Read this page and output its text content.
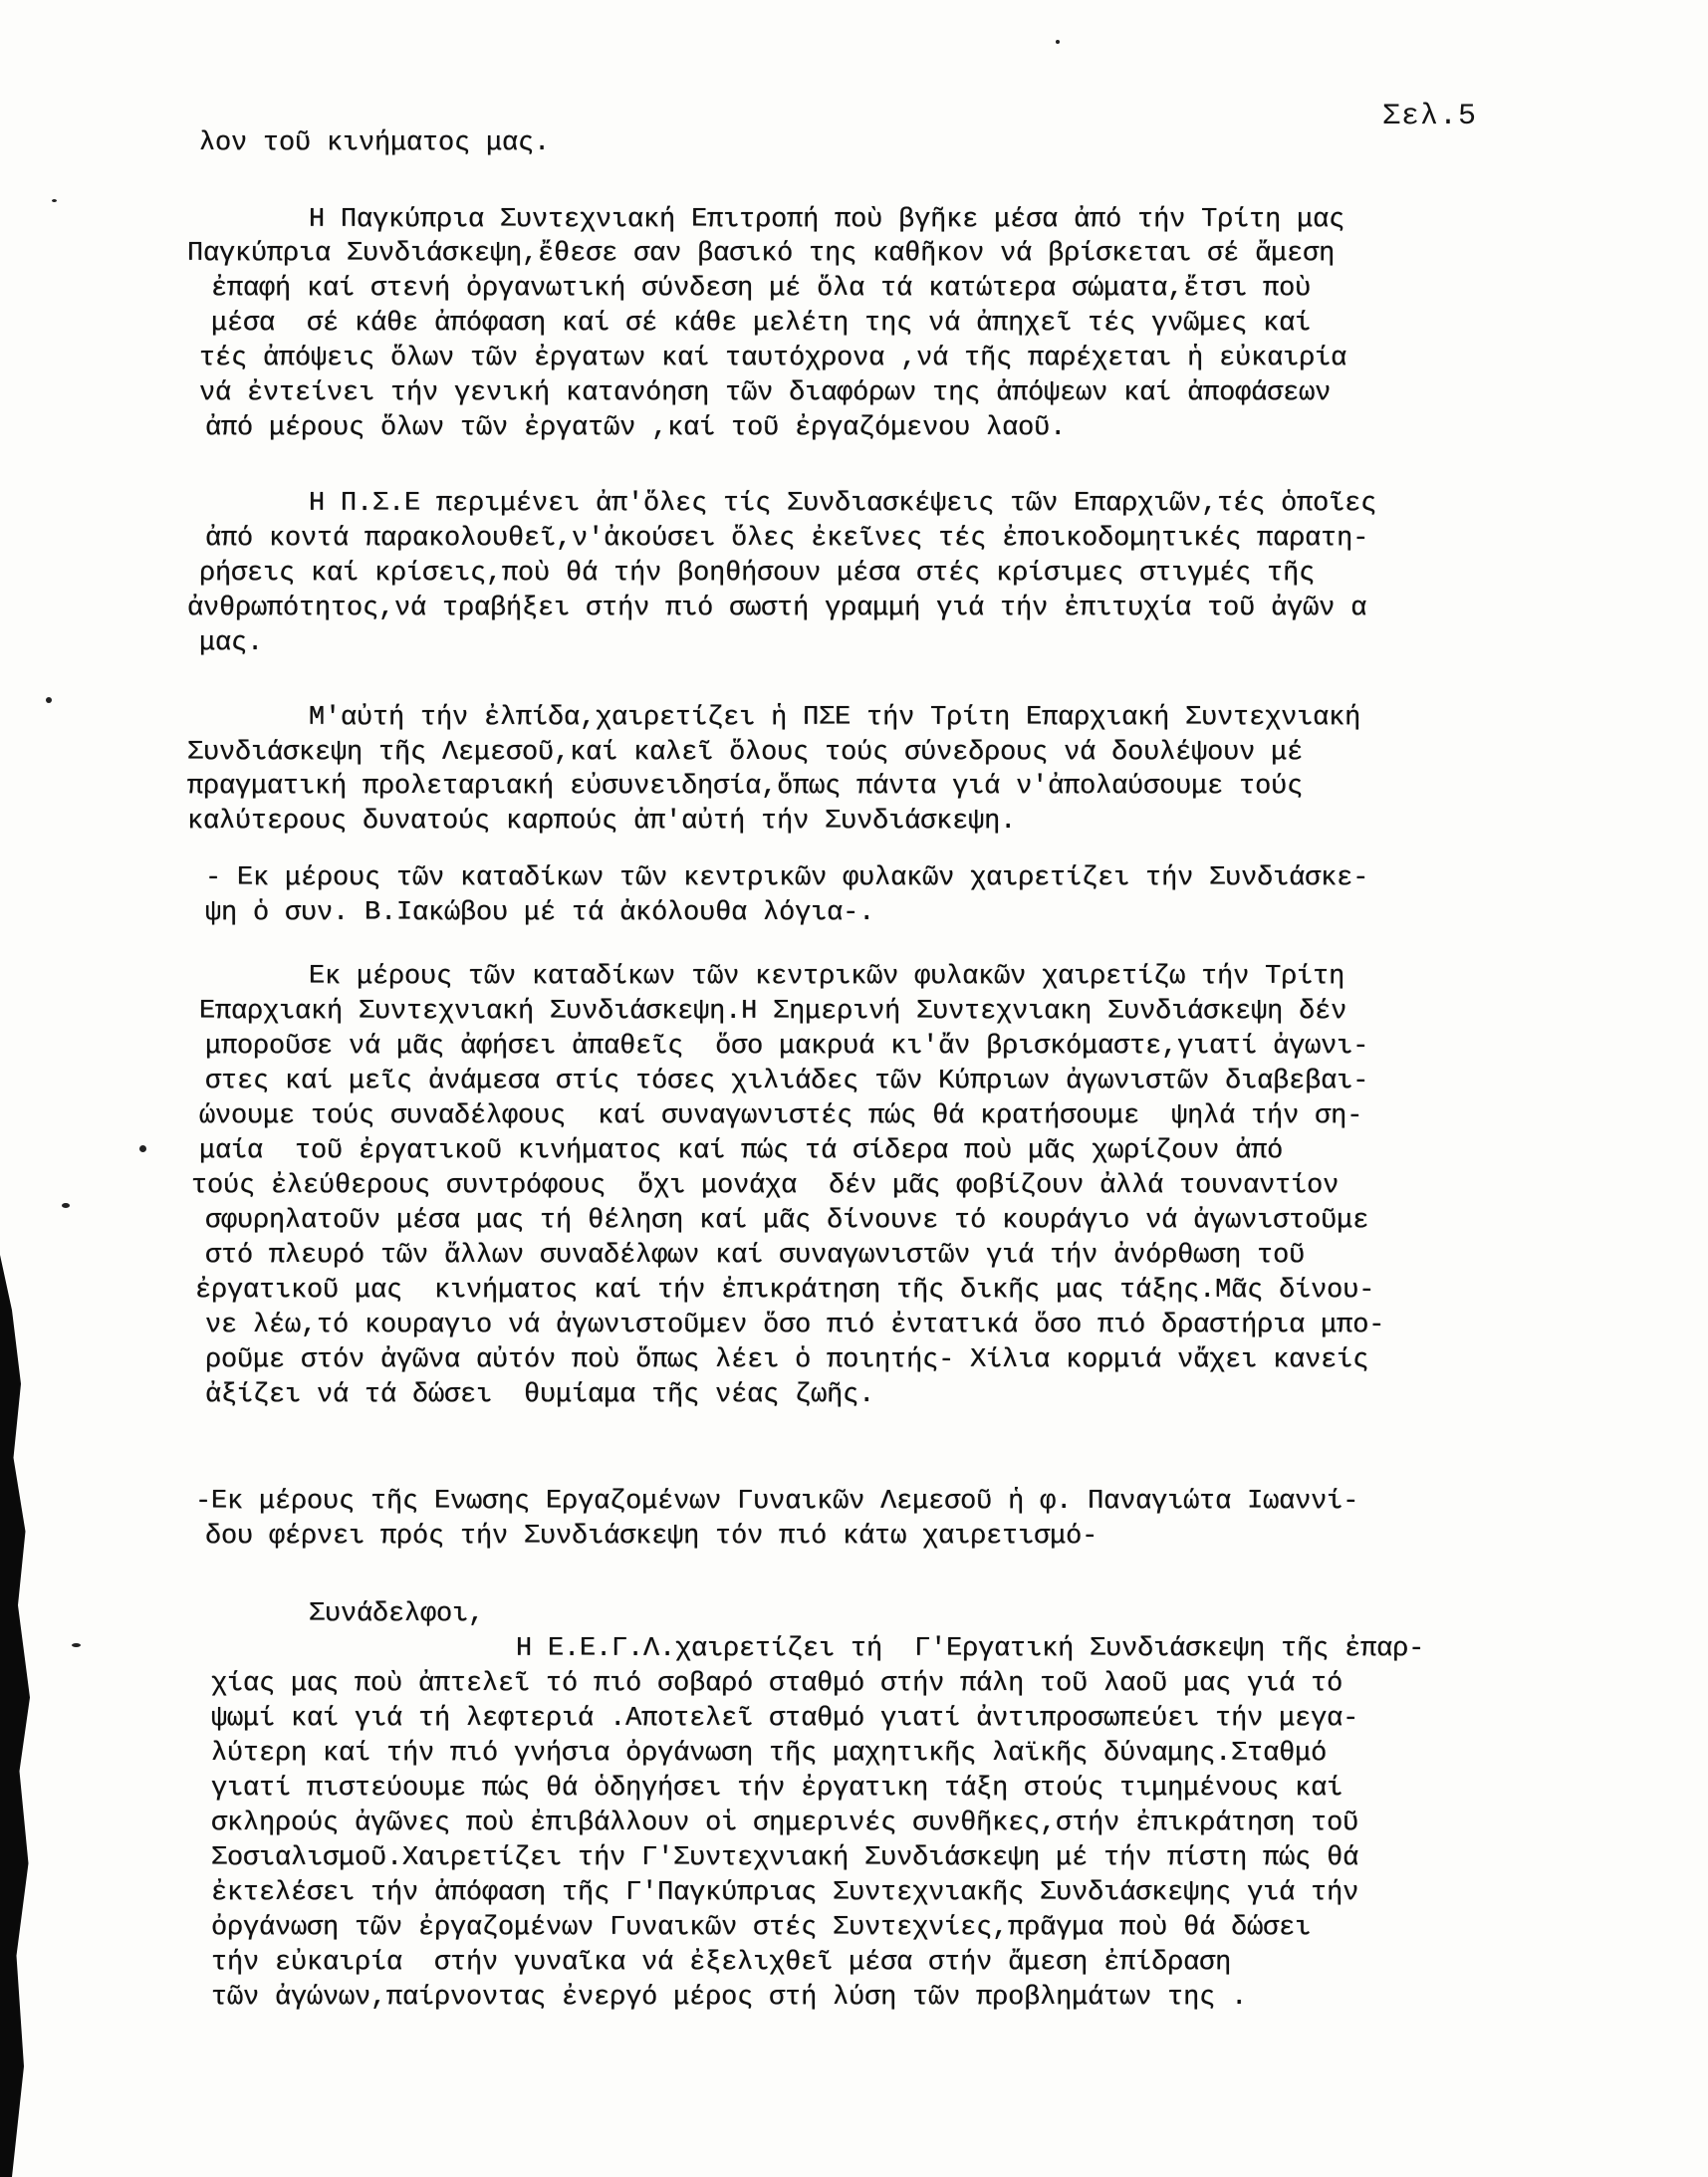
Σελ.5
λον τοῦ κινήματος μας.
Η Παγκύπρια Συντεχνιακή Επιτροπή ποὺ βγῆκε μέσα ἀπό τήν Τρίτη μας
Παγκύπρια Συνδιάσκεψη,ἔθεσε σαν βασικό της καθῆκον νά βρίσκεται σέ ἄμεση
ἐπαφή καί στενή ὀργανωτική σύνδεση μέ ὅλα τά κατώτερα σώματα,ἔτσι ποὺ
μέσα  σέ κάθε ἀπόφαση καί σέ κάθε μελέτη της νά ἀπηχεῖ τές γνῶμες καί
τές ἀπόψεις ὅλων τῶν ἐργατων καί ταυτόχρονα ,νά τῆς παρέχεται ἡ εὐκαιρία
νά ἐντείνει τήν γενική κατανόηση τῶν διαφόρων της ἀπόψεων καί ἀποφάσεων
ἀπό μέρους ὅλων τῶν ἐργατῶν ,καί τοῦ ἐργαζόμενου λαοῦ.
Η Π.Σ.Ε περιμένει ἀπ'ὅλες τίς Συνδιασκέψεις τῶν Επαρχιῶν,τές ὁποῖες
ἀπό κοντά παρακολουθεῖ,ν'ἀκούσει ὅλες ἐκεῖνες τές ἐποικοδομητικές παρατη-
ρήσεις καί κρίσεις,ποὺ θά τήν βοηθήσουν μέσα στές κρίσιμες στιγμές τῆς
ἀνθρωπότητος,νά τραβήξει στήν πιό σωστή γραμμή γιά τήν ἐπιτυχία τοῦ ἀγῶν α
μας.
Μ'αὐτή τήν ἐλπίδα,χαιρετίζει ἡ ΠΣΕ τήν Τρίτη Επαρχιακή Συντεχνιακή
Συνδιάσκεψη τῆς Λεμεσοῦ,καί καλεῖ ὅλους τούς σύνεδρους νά δουλέψουν μέ
πραγματική προλεταριακή εὐσυνειδησία,ὅπως πάντα γιά ν'ἀπολαύσουμε τούς
καλύτερους δυνατούς καρπούς ἀπ'αὐτή τήν Συνδιάσκεψη.
- Εκ μέρους τῶν καταδίκων τῶν κεντρικῶν φυλακῶν χαιρετίζει τήν Συνδιάσκε-
ψη ὁ συν. Β.Ιακώβου μέ τά ἀκόλουθα λόγια-.
Εκ μέρους τῶν καταδίκων τῶν κεντρικῶν φυλακῶν χαιρετίζω τήν Τρίτη
Επαρχιακή Συντεχνιακή Συνδιάσκεψη.Η Σημερινή Συντεχνιακη Συνδιάσκεψη δέν
μποροῦσε νά μᾶς ἀφήσει ἀπαθεῖς  ὅσο μακρυά κι'ἄν βρισκόμαστε,γιατί ἀγωνι-
στες καί μεῖς ἀνάμεσα στίς τόσες χιλιάδες τῶν Κύπριων ἀγωνιστῶν διαβεβαι-
ώνουμε τούς συναδέλφους  καί συναγωνιστές πώς θά κρατήσουμε  ψηλά τήν ση-
μαία  τοῦ ἐργατικοῦ κινήματος καί πώς τά σίδερα ποὺ μᾶς χωρίζουν ἀπό
τούς ἐλεύθερους συντρόφους  ὄχι μονάχα  δέν μᾶς φοβίζουν ἀλλά τουναντίον
σφυρηλατοῦν μέσα μας τή θέληση καί μᾶς δίνουνε τό κουράγιο νά ἀγωνιστοῦμε
στό πλευρό τῶν ἄλλων συναδέλφων καί συναγωνιστῶν γιά τήν ἀνόρθωση τοῦ
ἐργατικοῦ μας  κινήματος καί τήν ἐπικράτηση τῆς δικῆς μας τάξης.Μᾶς δίνου-
νε λέω,τό κουραγιο νά ἀγωνιστοῦμεν ὅσο πιό ἐντατικά ὅσο πιό δραστήρια μπο-
ροῦμε στόν ἀγῶνα αὐτόν ποὺ ὅπως λέει ὁ ποιητής- Χίλια κορμιά νἄχει κανείς
ἀξίζει νά τά δώσει  θυμίαμα τῆς νέας ζωῆς.
-Εκ μέρους τῆς Ενωσης Εργαζομένων Γυναικῶν Λεμεσοῦ ἡ φ. Παναγιώτα Ιωαννί-
δου φέρνει πρός τήν Συνδιάσκεψη τόν πιό κάτω χαιρετισμό-
Συνάδελφοι,
Η Ε.Ε.Γ.Λ.χαιρετίζει τή  Γ'Εργατική Συνδιάσκεψη τῆς ἐπαρ-
χίας μας ποὺ ἀπτελεῖ τό πιό σοβαρό σταθμό στήν πάλη τοῦ λαοῦ μας γιά τό
ψωμί καί γιά τή λεφτεριά .Αποτελεῖ σταθμό γιατί ἀντιπροσωπεύει τήν μεγα-
λύτερη καί τήν πιό γνήσια ὀργάνωση τῆς μαχητικῆς λαϊκῆς δύναμης.Σταθμό
γιατί πιστεύουμε πώς θά ὁδηγήσει τήν ἐργατικη τάξη στούς τιμημένους καί
σκληρούς ἀγῶνες ποὺ ἐπιβάλλουν οἱ σημερινές συνθῆκες,στήν ἐπικράτηση τοῦ
Σοσιαλισμοῦ.Χαιρετίζει τήν Γ'Συντεχνιακή Συνδιάσκεψη μέ τήν πίστη πώς θά
ἐκτελέσει τήν ἀπόφαση τῆς Γ'Παγκύπριας Συντεχνιακῆς Συνδιάσκεψης γιά τήν
ὀργάνωση τῶν ἐργαζομένων Γυναικῶν στές Συντεχνίες,πρᾶγμα ποὺ θά δώσει
τήν εὐκαιρία  στήν γυναῖκα νά ἐξελιχθεῖ μέσα στήν ἄμεση ἐπίδραση
τῶν ἀγώνων,παίρνοντας ἐνεργό μέρος στή λύση τῶν προβλημάτων της .
